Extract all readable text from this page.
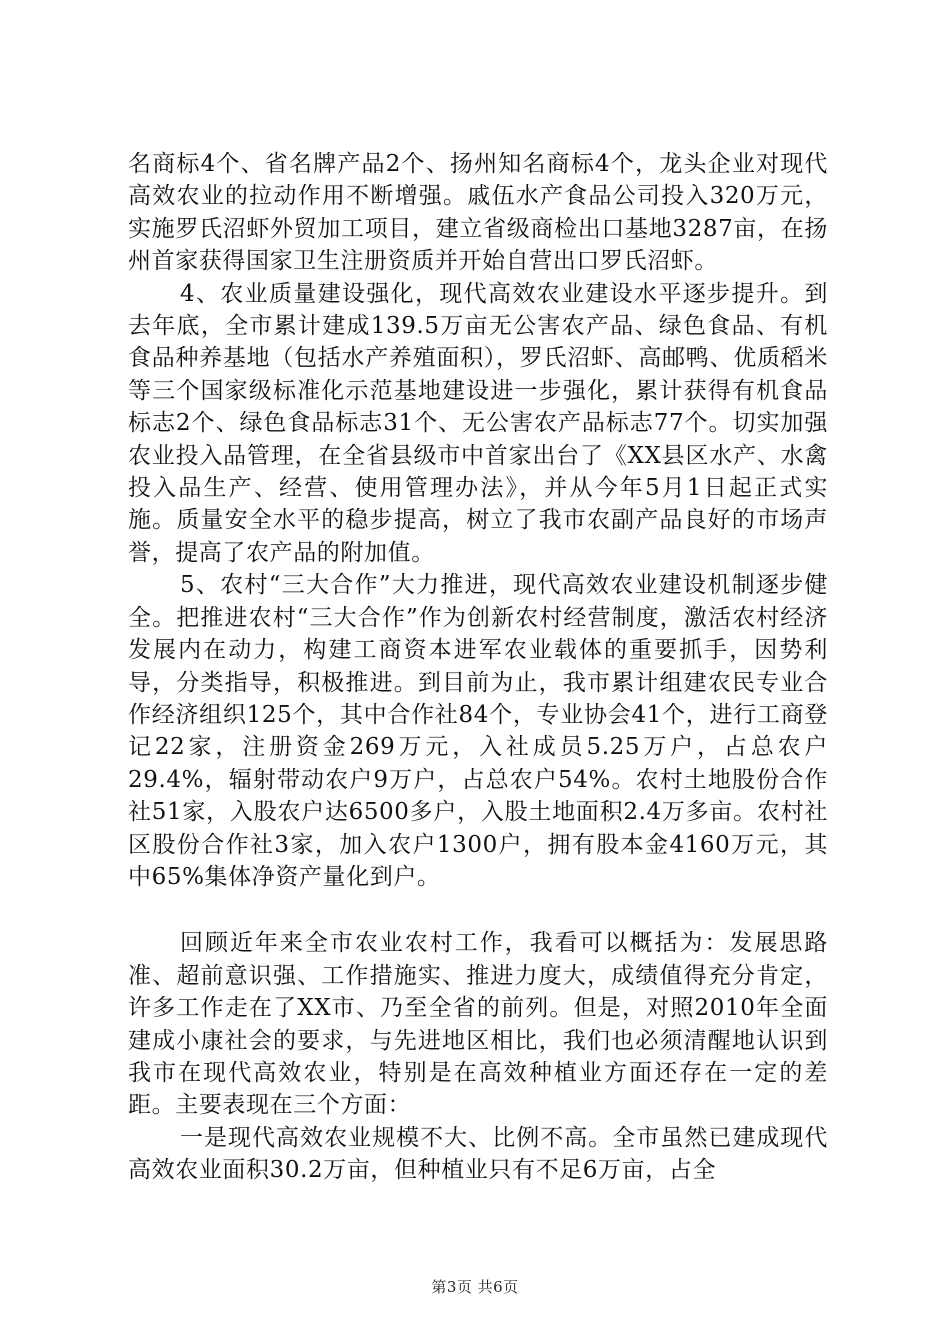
名商标4个、省名牌产品2个、扬州知名商标4个，龙头企业对现代高效农业的拉动作用不断增强。戚伍水产食品公司投入320万元，实施罗氏沼虾外贸加工项目，建立省级商检出口基地3287亩，在扬州首家获得国家卫生注册资质并开始自营出口罗氏沼虾。

4、农业质量建设强化，现代高效农业建设水平逐步提升。到去年底，全市累计建成139.5万亩无公害农产品、绿色食品、有机食品种养基地（包括水产养殖面积），罗氏沼虾、高邮鸭、优质稻米等三个国家级标准化示范基地建设进一步强化，累计获得有机食品标志2个、绿色食品标志31个、无公害农产品标志77个。切实加强农业投入品管理，在全省县级市中首家出台了《XX县区水产、水禽投入品生产、经营、使用管理办法》，并从今年5月1日起正式实施。质量安全水平的稳步提高，树立了我市农副产品良好的市场声誉，提高了农产品的附加值。

5、农村“三大合作”大力推进，现代高效农业建设机制逐步健全。把推进农村“三大合作”作为创新农村经营制度，激活农村经济发展内在动力，构建工商资本进军农业载体的重要抓手，因势利导，分类指导，积极推进。到目前为止，我市累计组建农民专业合作经济组织125个，其中合作社84个，专业协会41个，进行工商登记22家，注册资金269万元，入社成员5.25万户，占总农户29.4%，辐射带动农户9万户，占总农户54%。农村土地股份合作社51家，入股农户达6500多户，入股土地面积2.4万多亩。农村社区股份合作社3家，加入农户1300户，拥有股本金4160万元，其中65%集体净资产量化到户。

回顾近年来全市农业农村工作，我看可以概括为：发展思路准、超前意识强、工作措施实、推进力度大，成绩值得充分肯定，许多工作走在了XX市、乃至全省的前列。但是，对照2010年全面建成小康社会的要求，与先进地区相比，我们也必须清醒地认识到我市在现代高效农业，特别是在高效种植业方面还存在一定的差距。主要表现在三个方面：

一是现代高效农业规模不大、比例不高。全市虽然已建成现代高效农业面积30.2万亩，但种植业只有不足6万亩，占全

第3页 共6页
